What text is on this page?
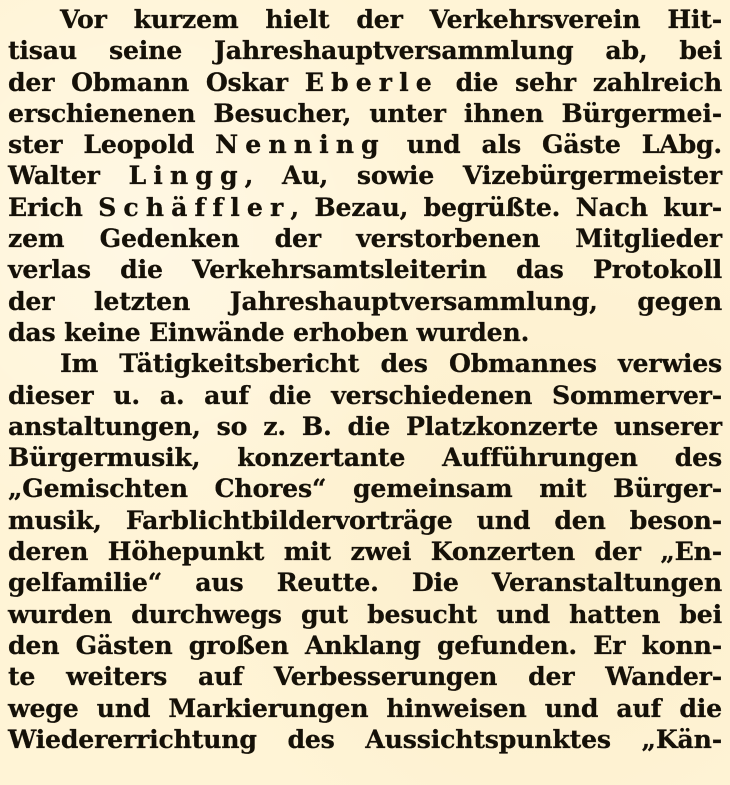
Vor kurzem hielt der Verkehrsverein Hit-
tisau seine Jahreshauptversammlung ab, bei
der Obmann Oskar Eberle die sehr zahlreich
erschienenen Besucher, unter ihnen Bürgermei-
ster Leopold Nenning und als Gäste LAbg.
Walter Lingg, Au, sowie Vizebürgermeister
Erich Schäffler, Bezau, begrüßte. Nach kur-
zem Gedenken der verstorbenen Mitglieder
verlas die Verkehrsamtsleiterin das Protokoll
der letzten Jahreshauptversammlung, gegen
das keine Einwände erhoben wurden.
Im Tätigkeitsbericht des Obmannes verwies
dieser u. a. auf die verschiedenen Sommerver-
anstaltungen, so z. B. die Platzkonzerte unserer
Bürgermusik, konzertante Aufführungen des
„Gemischten Chores“ gemeinsam mit Bürger-
musik, Farblichtbildervorträge und den beson-
deren Höhepunkt mit zwei Konzerten der „En-
gelfamilie“ aus Reutte. Die Veranstaltungen
wurden durchwegs gut besucht und hatten bei
den Gästen großen Anklang gefunden. Er konn-
te weiters auf Verbesserungen der Wander-
wege und Markierungen hinweisen und auf die
Wiedererrichtung des Aussichtspunktes „Kän-
